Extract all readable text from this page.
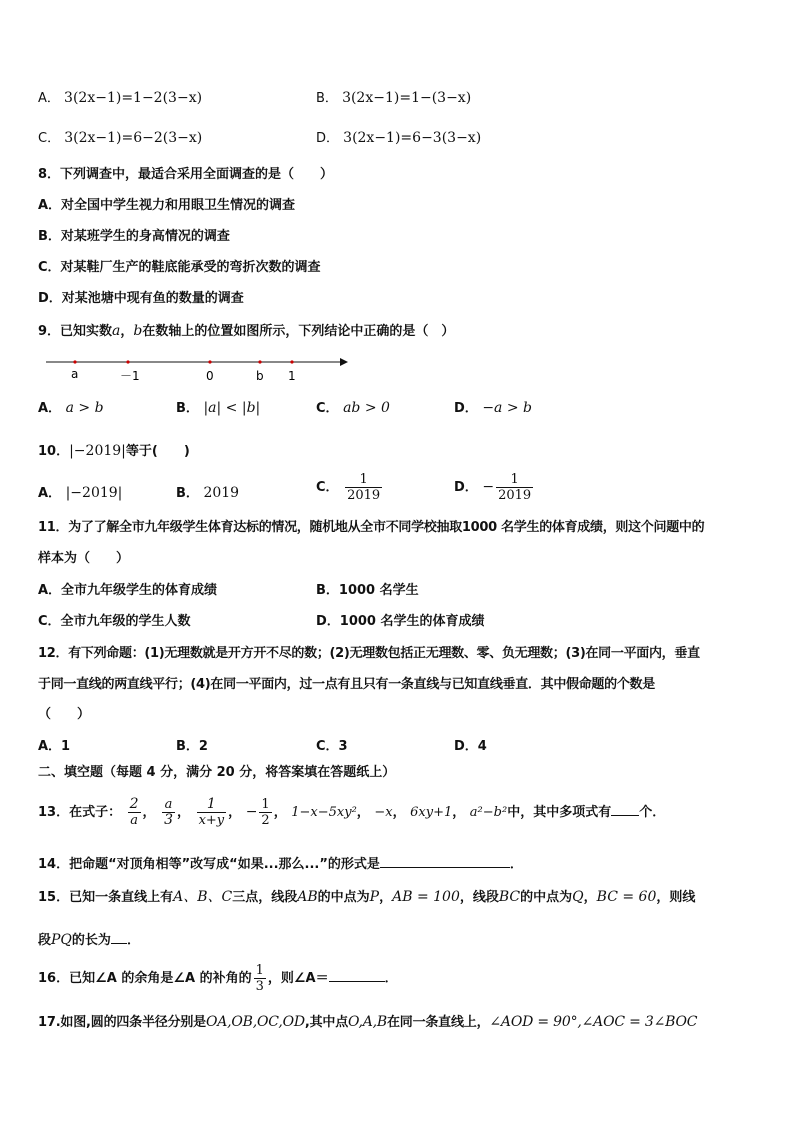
A． 3(2x−1)=1−2(3−x)	B． 3(2x−1)=1−(3−x)
C． 3(2x−1)=6−2(3−x)	D． 3(2x−1)=6−3(3−x)
8．下列调查中，最适合采用全面调查的是（　　）
A．对全国中学生视力和用眼卫生情况的调查
B．对某班学生的身高情况的调查
C．对某鞋厂生产的鞋底能承受的弯折次数的调查
D．对某池塘中现有鱼的数量的调查
9．已知实数a，b在数轴上的位置如图所示，下列结论中正确的是（　）
a	－1	0	b 1
A． a > b	B． |a| < |b|	C． ab > 0	D． −a > b
10．|−2019|等于(　　)
A． |−2019|	B． 2019	C． $\frac{1}{2019}$	D． − $\frac{1}{2019}$
11．为了了解全市九年级学生体育达标的情况，随机地从全市不同学校抽取1000 名学生的体育成绩，则这个问题中的
样本为（　　）
A．全市九年级学生的体育成绩	B．1000 名学生
C．全市九年级的学生人数	D．1000 名学生的体育成绩
12．有下列命题：(1)无理数就是开方开不尽的数；(2)无理数包括正无理数、零、负无理数；(3)在同一平面内，垂直
于同一直线的两直线平行；(4)在同一平面内，过一点有且只有一条直线与已知直线垂直．其中假命题的个数是
（　　）
A．1	B．2	C．3	D．4
二、填空题（每题 4 分，满分 20 分，将答案填在答题纸上）
13．在式子： $\frac{2}{a}$ ， $\frac{a}{3}$ ， $\frac{1}{x+y}$ ， − $\frac{1}{2}$ ， 1−x−5xy²， −x， 6xy+1， a²−b²中，其中多项式有 个．
14．把命题“对顶角相等”改写成“如果...那么...”的形式是	．
15．已知一条直线上有A、B、C三点，线段AB的中点为P，AB = 100，线段BC的中点为Q，BC = 60，则线
段PQ的长为 ．
16．已知∠A 的余角是∠A 的补角的 $\frac{1}{3}$ ，则∠A＝	．
17.如图,圆的四条半径分别是OA,OB,OC,OD,其中点O,A,B在同一条直线上，∠AOD = 90°,∠AOC = 3∠BOC
